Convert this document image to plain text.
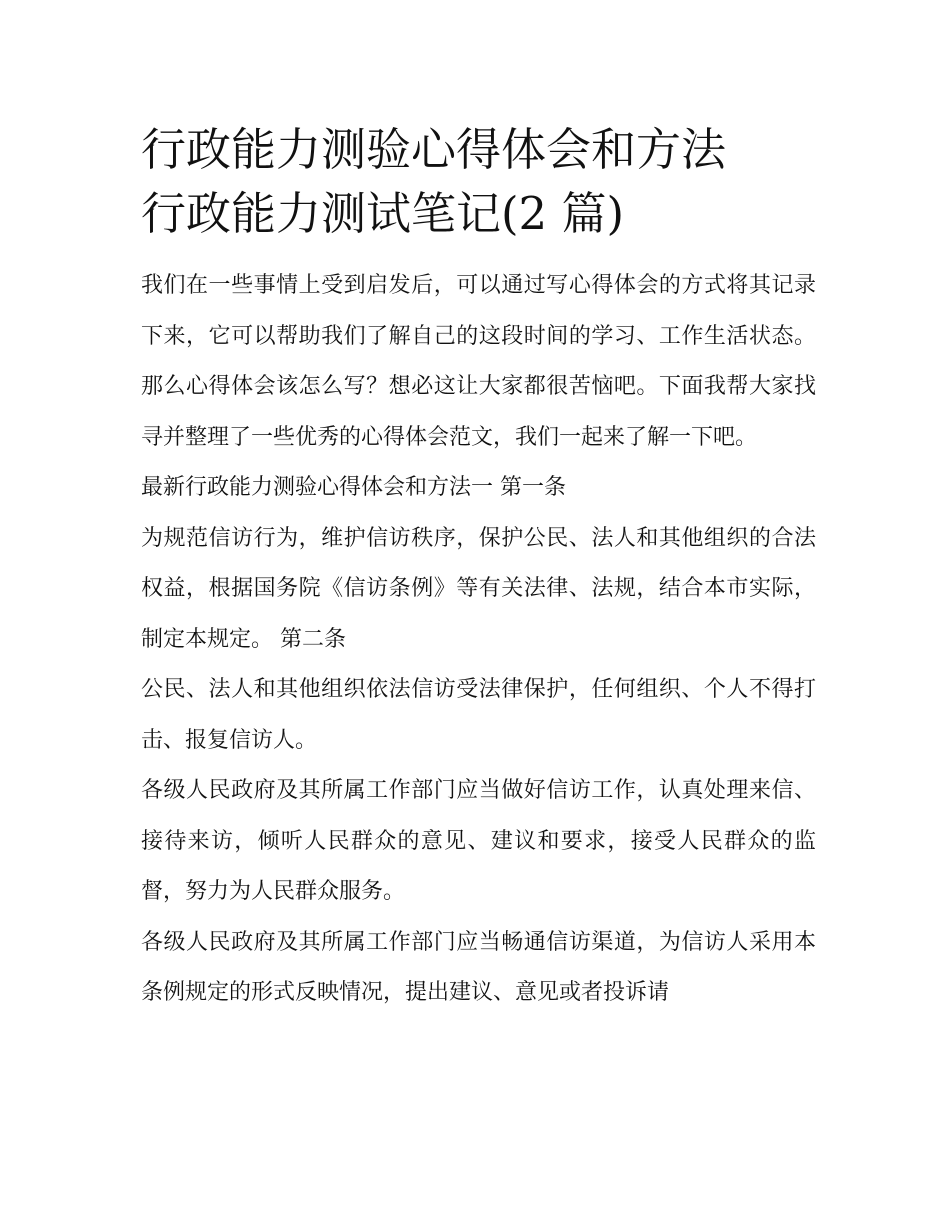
行政能力测验心得体会和方法
行政能力测试笔记(2 篇)

我们在一些事情上受到启发后，可以通过写心得体会的方式将其记录下来，它可以帮助我们了解自己的这段时间的学习、工作生活状态。那么心得体会该怎么写？想必这让大家都很苦恼吧。下面我帮大家找寻并整理了一些优秀的心得体会范文，我们一起来了解一下吧。

最新行政能力测验心得体会和方法一 第一条

为规范信访行为，维护信访秩序，保护公民、法人和其他组织的合法权益，根据国务院《信访条例》等有关法律、法规，结合本市实际，制定本规定。 第二条

公民、法人和其他组织依法信访受法律保护，任何组织、个人不得打击、报复信访人。

各级人民政府及其所属工作部门应当做好信访工作，认真处理来信、接待来访，倾听人民群众的意见、建议和要求，接受人民群众的监督，努力为人民群众服务。

各级人民政府及其所属工作部门应当畅通信访渠道，为信访人采用本条例规定的形式反映情况，提出建议、意见或者投诉请
